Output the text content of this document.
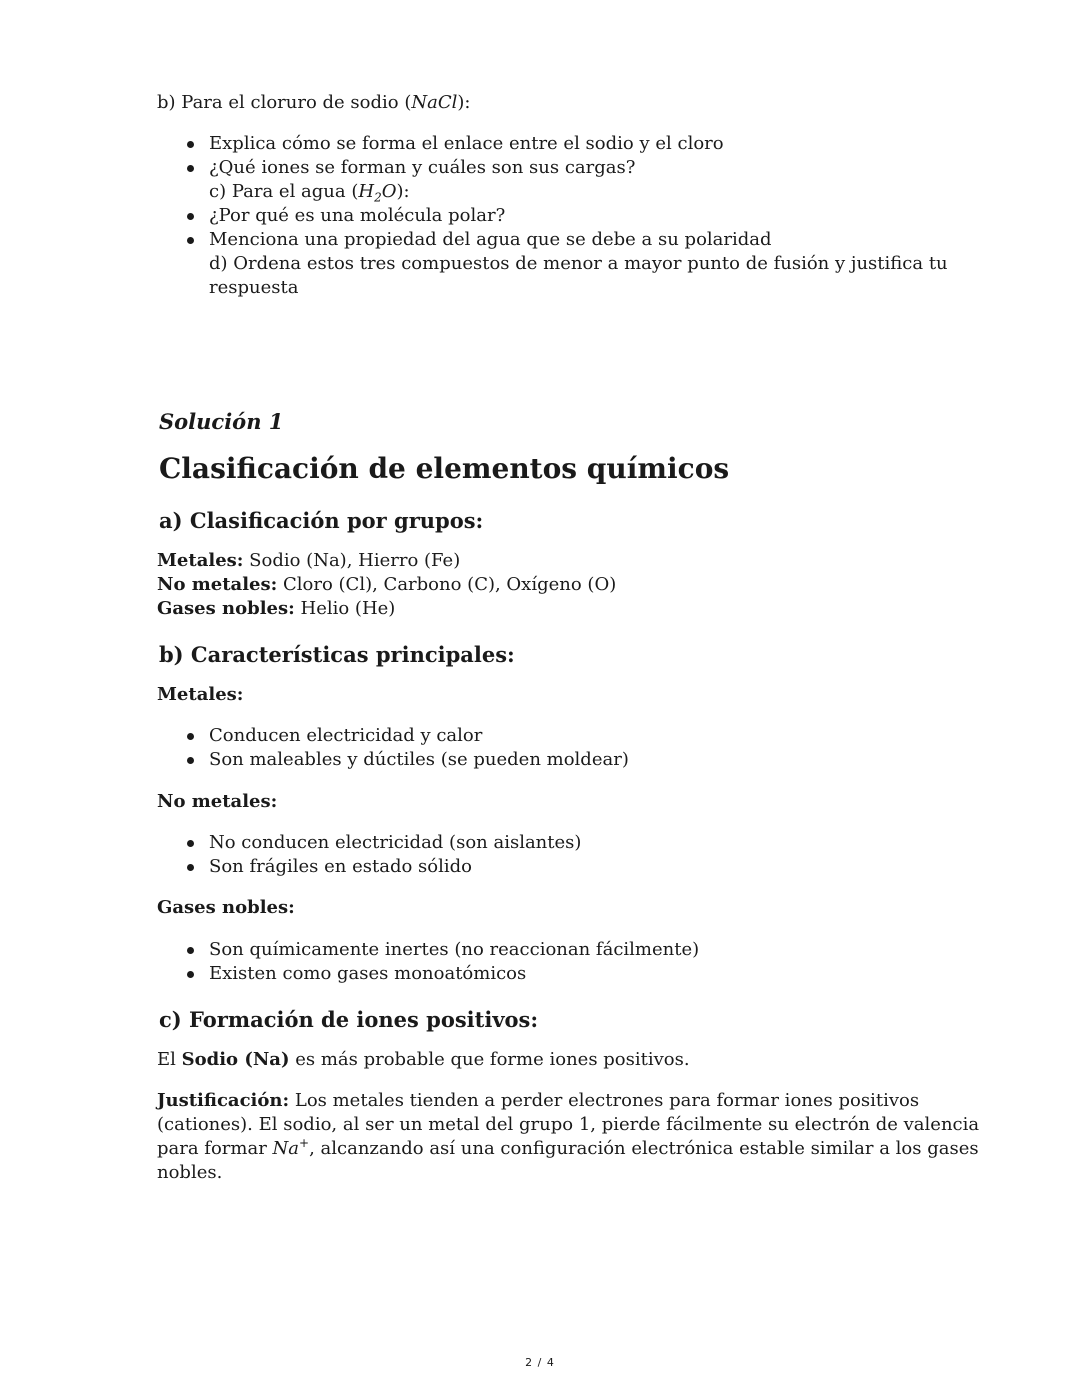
b) Para el cloruro de sodio (NaCl):
Explica cómo se forma el enlace entre el sodio y el cloro
¿Qué iones se forman y cuáles son sus cargas?
c) Para el agua $(H_2O)$:
¿Por qué es una molécula polar?
Menciona una propiedad del agua que se debe a su polaridad
d) Ordena estos tres compuestos de menor a mayor punto de fusión y justifica tu
respuesta
Solución 1
Clasificación de elementos químicos
a) Clasificación por grupos:
Metales: Sodio (Na), Hierro (Fe)
No metales: Cloro (Cl), Carbono (C), Oxígeno (O)
Gases nobles: Helio (He)
b) Características principales:
Metales:
Conducen electricidad y calor
Son maleables y dúctiles (se pueden moldear)
No metales:
No conducen electricidad (son aislantes)
Son frágiles en estado sólido
Gases nobles:
Son químicamente inertes (no reaccionan fácilmente)
Existen como gases monoatómicos
c) Formación de iones positivos:
El Sodio (Na) es más probable que forme iones positivos.
Justificación: Los metales tienden a perder electrones para formar iones positivos
(cationes). El sodio, al ser un metal del grupo 1, pierde fácilmente su electrón de valencia
para formar Na+, alcanzando así una configuración electrónica estable similar a los gases
nobles.
2 / 4
